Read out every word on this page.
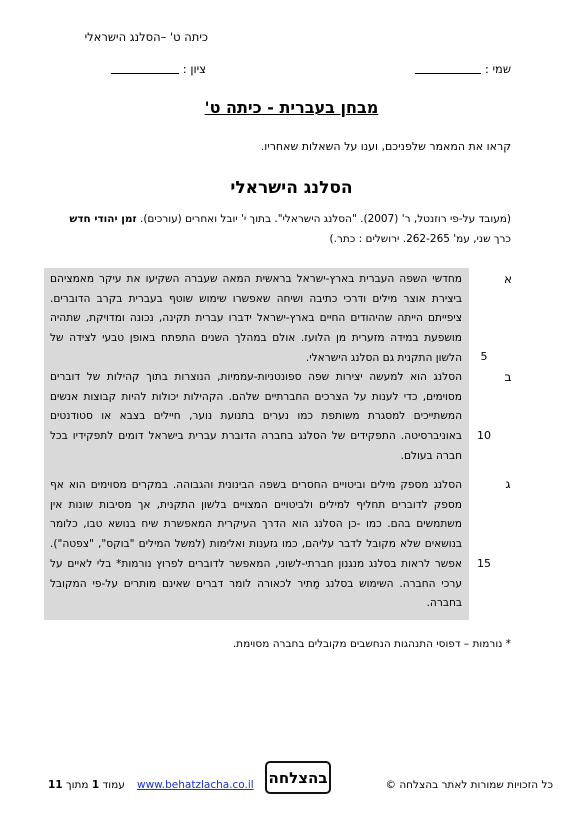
כיתה ט' –הסלנג הישראלי
שמי :
ציון :
מבחן בעברית - כיתה ט'
קראו את המאמר שלפניכם, וענו על השאלות שאחריו.
הסלנג הישראלי
(מעובד על-פי רוזנטל, ר' (2007). "הסלנג הישראלי". בתוך י' יובל ואחרים (עורכים). זמן יהודי חדש כרך שני, עמ' 262-265. ירושלים : כתר.)
א
ב
ג
5
10
15
מחדשי השפה העברית בארץ-ישראל בראשית המאה שעברה השקיעו את עיקר מאמציהם ביצירת אוצר מילים ודרכי כתיבה ושיחה שאפשרו שימוש שוטף בעברית בקרב הדוברים. ציפייתם הייתה שהיהודים החיים בארץ-ישראל ידברו עברית תקינה, נכונה ומדויקת, שתהיה מושפעת במידה מזערית מן הלועז. אולם במהלך השנים התפתח באופן טבעי לצידה של הלשון התקנית גם הסלנג הישראלי.
הסלנג הוא למעשה יצירות שפה ספונטניות-עממיות, הנוצרות בתוך קהילות של דוברים מסוימים, כדי לענות על הצרכים החברתיים שלהם. הקהילות יכולות להיות קבוצות אנשים המשתייכים למסגרת משותפת כמו נערים בתנועת נוער, חיילים בצבא או סטודנטים באוניברסיטה. התפקידים של הסלנג בחברה הדוברת עברית בישראל דומים לתפקידיו בכל חברה בעולם.
הסלנג מספק מילים וביטויים החסרים בשפה הבינונית והגבוהה. במקרים מסוימים הוא אף מספק לדוברים תחליף למילים ולביטויים המצויים בלשון התקנית, אך מסיבות שונות אין משתמשים בהם. כמו -כן הסלנג הוא הדרך העיקרית המאפשרת שיח בנושא טבו, כלומר בנושאים שלא מקובל לדבר עליהם, כמו גזענות ואלימות (למשל המילים "בוקס", "צפטה"). אפשר לראות בסלנג מנגנון חברתי-לשוני, המאפשר לדוברים לפרוץ נורמות* בלי לאיים על ערכי החברה. השימוש בסלנג מַתיר לכאורה לומר דברים שאינם מותרים על-פי המקובל בחברה.
* נורמות – דפוסי התנהגות הנחשבים מקובלים בחברה מסוימת.
כל הזכויות שמורות לאתר בהצלחה ©
בהצלחה
www.behatzlacha.co.il
עמוד 1 מתוך 11
